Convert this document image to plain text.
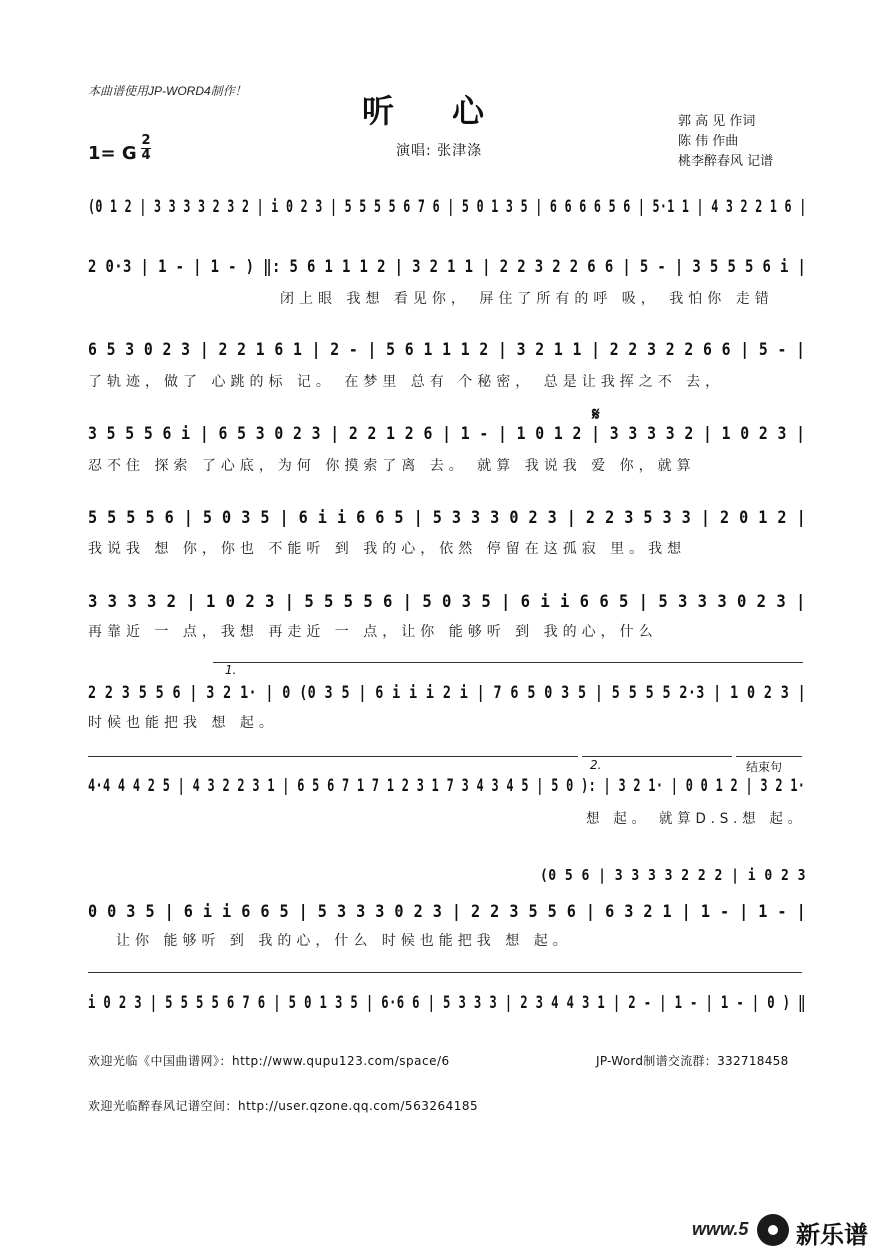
本曲谱使用JP-WORD4制作！
听心
1= G
2
4	演唱: 张津涤
郭 高 见 作词
陈 伟 作曲
桃李醉春风 记谱
(0 1 2 | 3 3 3 3 2 3 2 | i 0 2 3 | 5 5 5 5 6 7 6 | 5 0 1 3 5 | 6 6 6 6 5 6 | 5·1 1 | 4 3 2 2 1 6 |
2 0·3 | 1 - | 1 - ) ‖: 5 6 1 1 1 2 | 3 2 1 1 | 2 2 3 2 2 6 6 | 5 - | 3 5 5 5 6 i |
闭上眼 我想 看见你， 屏住了所有的呼 吸， 我怕你 走错
6 5 3 0 2 3 | 2 2 1 6 1 | 2 - | 5 6 1 1 1 2 | 3 2 1 1 | 2 2 3 2 2 6 6 | 5 - |
了轨迹，做了 心跳的标 记。 在梦里 总有 个秘密， 总是让我挥之不 去，
𝄋
3 5 5 5 6 i | 6 5 3 0 2 3 | 2 2 1 2 6 | 1 - | 1 0 1 2 | 3 3 3 3 2 | 1 0 2 3 |
忍不住 探索 了心底，为何 你摸索了离 去。 就算 我说我 爱 你，就算
5 5 5 5 6 | 5 0 3 5 | 6 i i 6 6 5 | 5 3 3 3 0 2 3 | 2 2 3 5 3 3 | 2 0 1 2 |
我说我 想 你，你也 不能听 到 我的心，依然 停留在这孤寂 里。我想
3 3 3 3 2 | 1 0 2 3 | 5 5 5 5 6 | 5 0 3 5 | 6 i i 6 6 5 | 5 3 3 3 0 2 3 |
再靠近 一 点，我想 再走近 一 点，让你 能够听 到 我的心，什么
1.
2 2 3 5 5 6 | 3 2 1· | 0 (0 3 5 | 6 i i i 2 i | 7 6 5 0 3 5 | 5 5 5 5 2·3 | 1 0 2 3 |
时候也能把我 想 起。
2.	结束句
4·4 4 4 2 5 | 4 3 2 2 3 1 | 6 5 6 7 1 7 1 2 3 1 7 3 4 3 4 5 | 5 0 ): | 3 2 1· | 0 0 1 2 | 3 2 1·
想 起。 就算D.S.想 起。
(0 5 6 | 3 3 3 3 2 2 2 | i 0 2 3
0 0 3 5 | 6 i i 6 6 5 | 5 3 3 3 0 2 3 | 2 2 3 5 5 6 | 6 3 2 1 | 1 - | 1 - |
让你 能够听 到 我的心，什么 时候也能把我 想 起。
i 0 2 3 | 5 5 5 5 6 7 6 | 5 0 1 3 5 | 6·6 6 | 5 3 3 3 | 2 3 4 4 3 1 | 2 - | 1 - | 1 - | 0 ) ‖
欢迎光临《中国曲谱网》：http://www.qupu123.com/space/6	JP-Word制谱交流群：332718458
欢迎光临醉春风记谱空间：http://user.qzone.qq.com/563264185
www.5 新乐谱
